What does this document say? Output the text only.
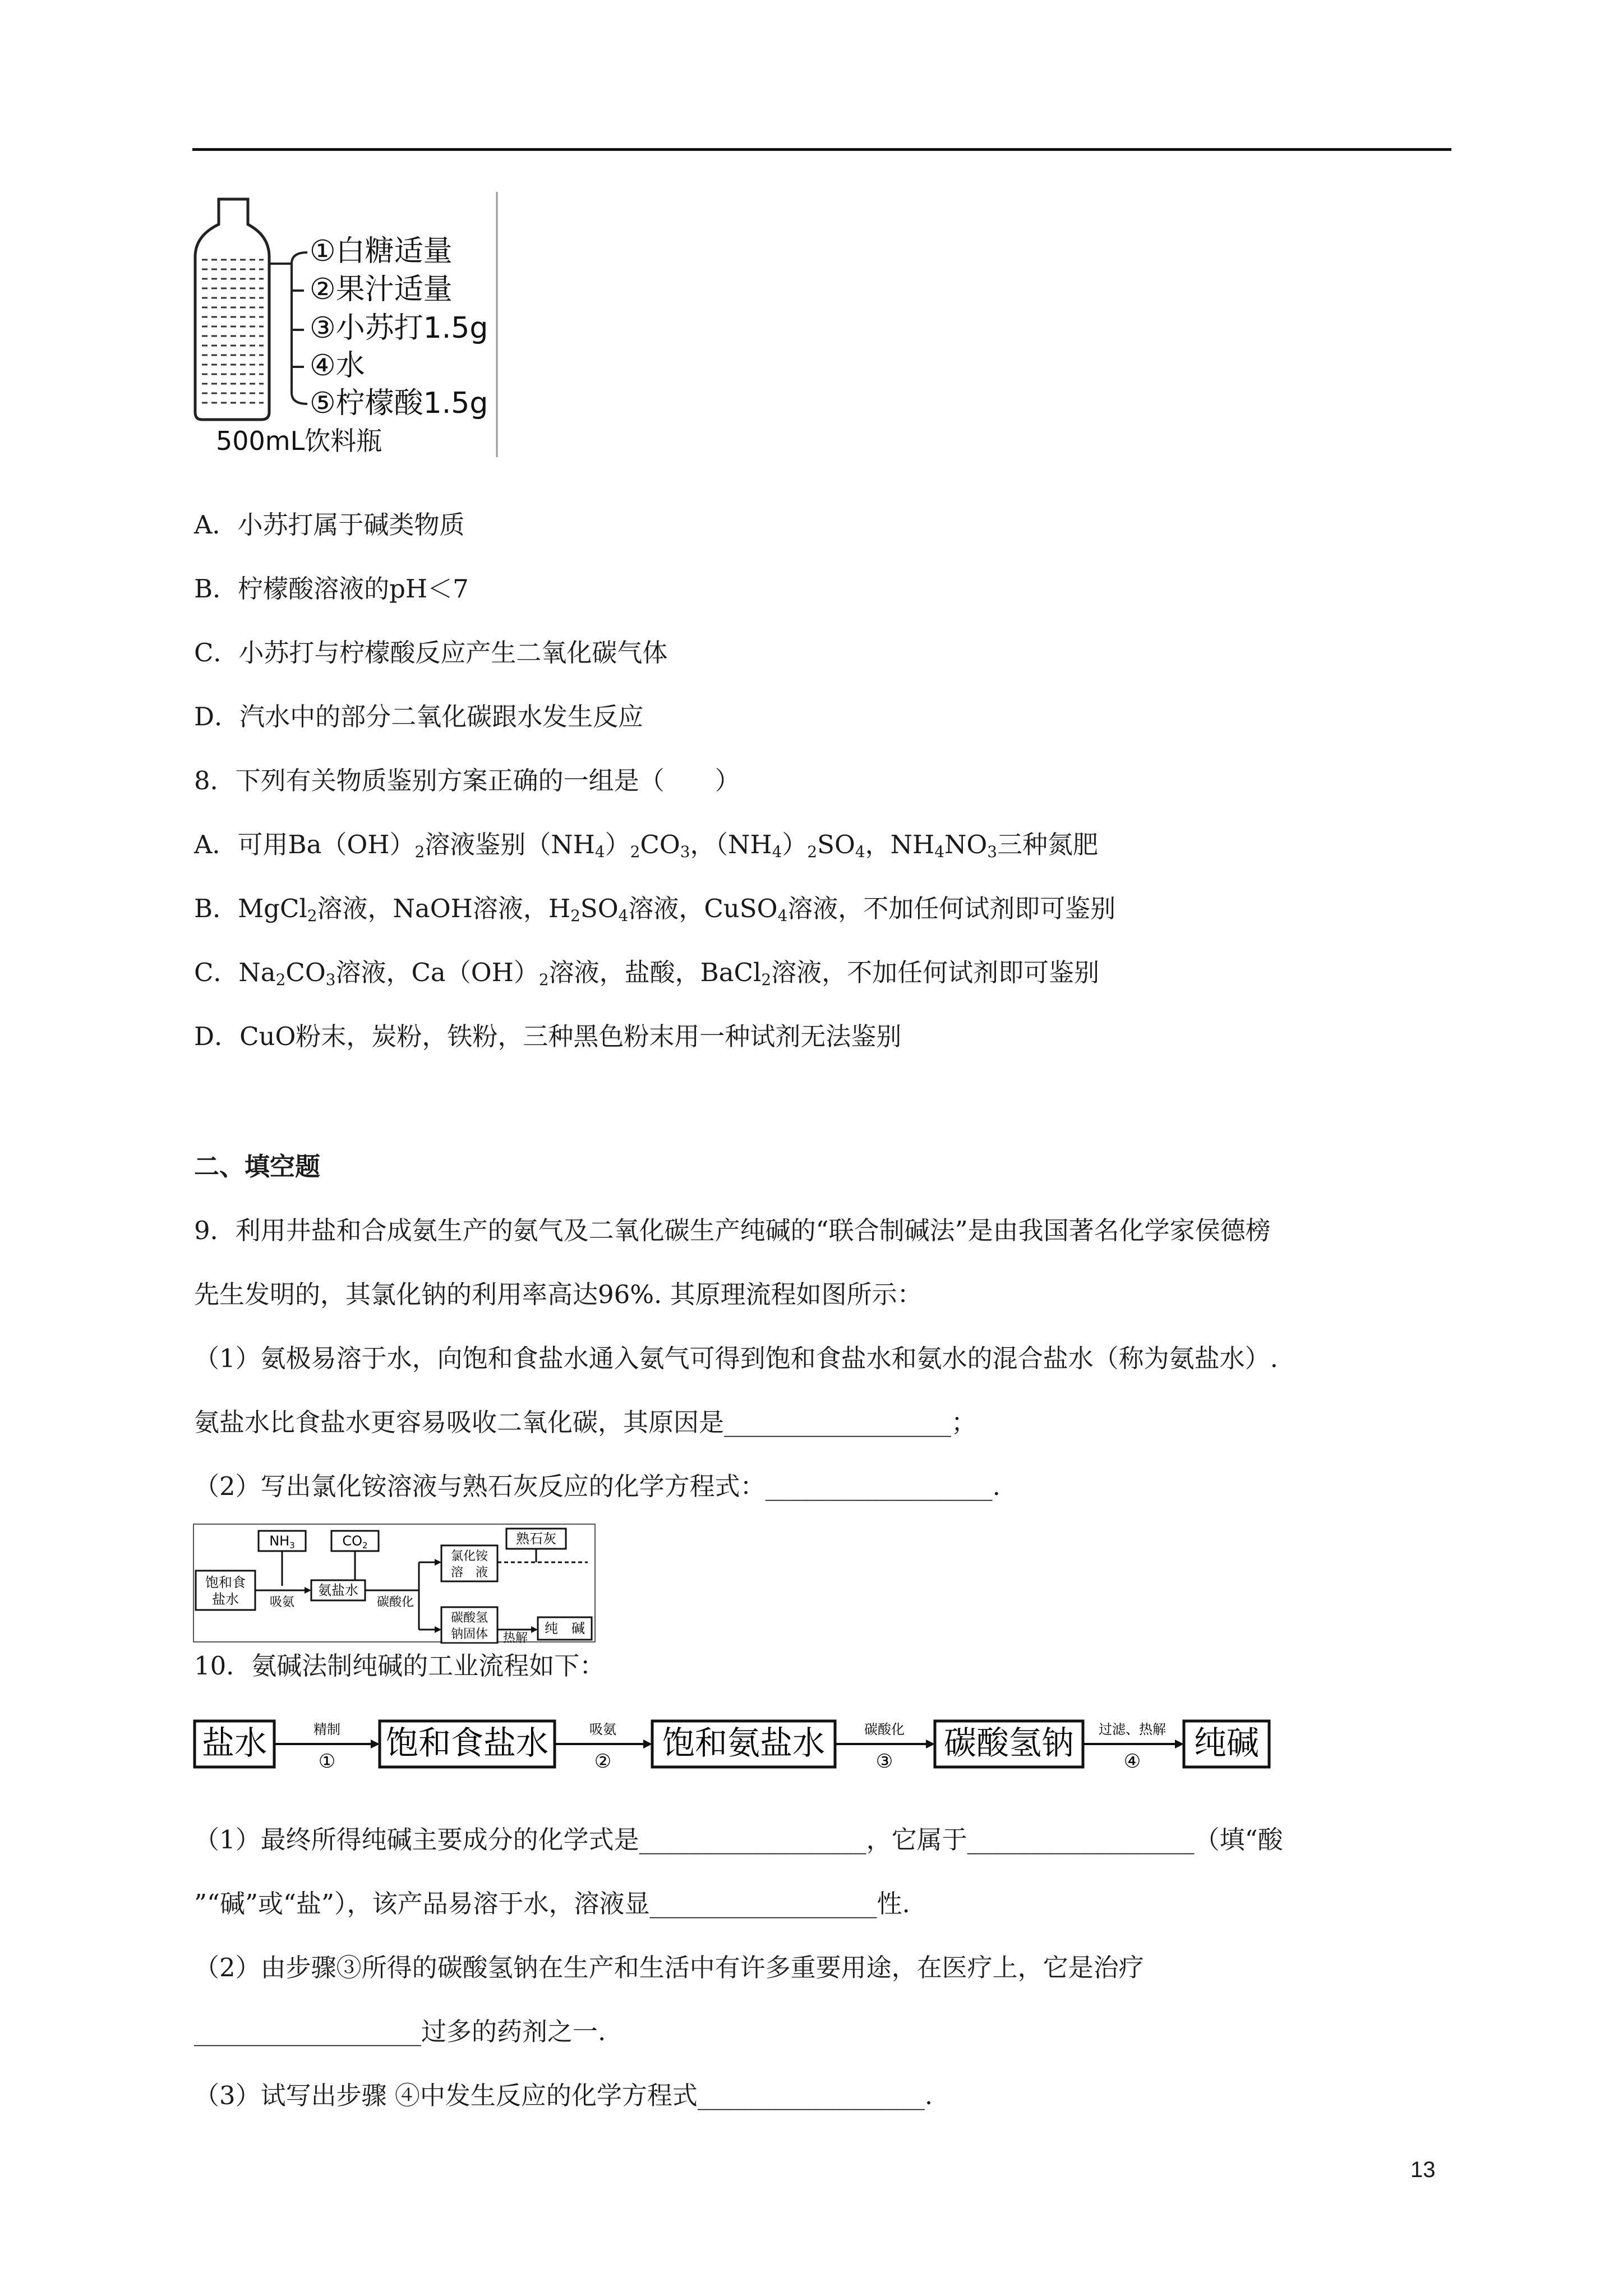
①白糖适量
②果汁适量
③小苏打1.5g
④水
⑤柠檬酸1.5g
500mL饮料瓶
A．小苏打属于碱类物质
B．柠檬酸溶液的pH＜7
C．小苏打与柠檬酸反应产生二氧化碳气体
D．汽水中的部分二氧化碳跟水发生反应
8．下列有关物质鉴别方案正确的一组是（　　）
A．可用$Ba(OH)_2$溶液鉴别$(NH_4)_2CO_3$，$(NH_4)_2SO_4$，$NH_4NO_3$三种氮肥
B．MgCl$_2$溶液，NaOH溶液，$H_2SO_4$溶液，CuSO$_4$溶液，不加任何试剂即可鉴别
C．$Na_2CO_3$溶液，$Ca(OH)_2$溶液，盐酸，BaCl$_2$溶液，不加任何试剂即可鉴别
D．CuO粉末，炭粉，铁粉，三种黑色粉末用一种试剂无法鉴别
二、填空题
9．利用井盐和合成氨生产的氨气及二氧化碳生产纯碱的“联合制碱法”是由我国著名化学家侯德榜
先生发明的，其氯化钠的利用率高达96%. 其原理流程如图所示：
（1）氨极易溶于水，向饱和食盐水通入氨气可得到饱和食盐水和氨水的混合盐水（称为氨盐水）.
氨盐水比食盐水更容易吸收二氧化碳，其原因是__________________；
（2）写出氯化铵溶液与熟石灰反应的化学方程式：__________________.
$NH_3$	$CO_2$
饱和食
盐水 吸氨
氨盐水
碳酸化
氯化铵
溶　液
熟石灰
碳酸氢
钠固体 热解
纯　碱
10．氨碱法制纯碱的工业流程如下：
盐水	精制
① 饱和食盐水	吸氨
② 饱和氨盐水	碳酸化
③ 碳酸氢钠 过滤、热解
④ 纯碱
（1）最终所得纯碱主要成分的化学式是__________________，它属于__________________（填“酸
”“碱”或“盐”），该产品易溶于水，溶液显__________________性.
（2）由步骤③所得的碳酸氢钠在生产和生活中有许多重要用途，在医疗上，它是治疗
__________________过多的药剂之一.
（3）试写出步骤 ④中发生反应的化学方程式__________________.
13
